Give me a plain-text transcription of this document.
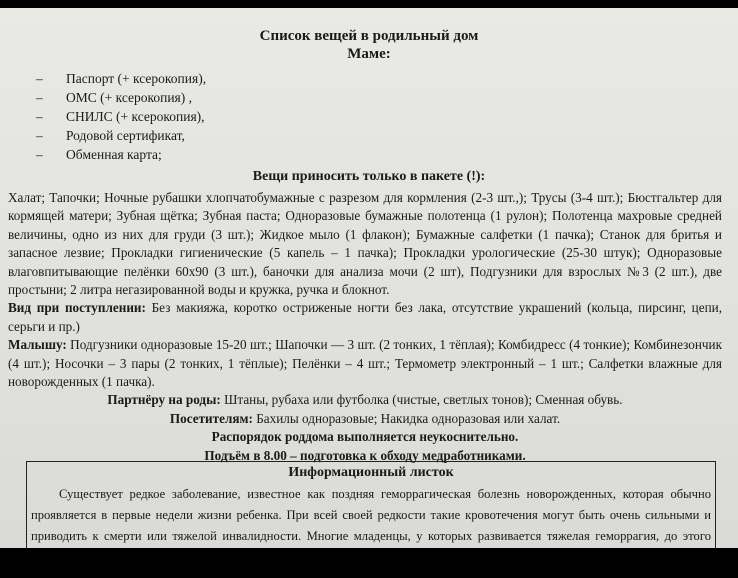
Список вещей в родильный дом
Маме:
– Паспорт (+ ксерокопия),
– ОМС (+ ксерокопия) ,
– СНИЛС (+ ксерокопия),
– Родовой сертификат,
– Обменная карта;
Вещи приносить только в пакете (!):

Халат; Тапочки; Ночные рубашки хлопчатобумажные с разрезом для кормления (2-3 шт.,); Трусы (3-4 шт.); Бюстгальтер для кормящей матери; Зубная щётка; Зубная паста; Одноразовые бумажные полотенца (1 рулон); Полотенца махровые средней величины, одно из них для груди (3 шт.); Жидкое мыло (1 флакон); Бумажные салфетки (1 пачка); Станок для бритья и запасное лезвие; Прокладки гигиенические (5 капель – 1 пачка); Прокладки урологические (25-30 штук); Одноразовые влаговпитывающие пелёнки 60х90 (3 шт.), баночки для анализа мочи (2 шт), Подгузники для взрослых №3 (2 шт.), две простыни; 2 литра негазированной воды и кружка, ручка и блокнот.

Вид при поступлении: Без макияжа, коротко остриженые ногти без лака, отсутствие украшений (кольца, пирсинг, цепи, серьги и пр.)

Малышу: Подгузники одноразовые 15-20 шт.; Шапочки — 3 шт. (2 тонких, 1 тёплая); Комбидресс (4 тонкие); Комбинезончик (4 шт.); Носочки – 3 пары (2 тонких, 1 тёплые); Пелёнки – 4 шт.; Термометр электронный – 1 шт.; Салфетки влажные для новорожденных (1 пачка).

Партнёру на роды: Штаны, рубаха или футболка (чистые, светлых тонов); Сменная обувь.

Посетителям: Бахилы одноразовые; Накидка одноразовая или халат.

Распорядок роддома выполняется неукоснительно.

Подъём в 8.00 – подготовка к обходу медработниками.

Информационный листок

Существует редкое заболевание, известное как поздняя геморрагическая болезнь новорожденных, которая обычно проявляется в первые недели жизни ребенка. При всей своей редкости такие кровотечения могут быть очень сильными и приводить к смерти или тяжелой инвалидности. Многие младенцы, у которых развивается тяжелая геморрагия, до этого
